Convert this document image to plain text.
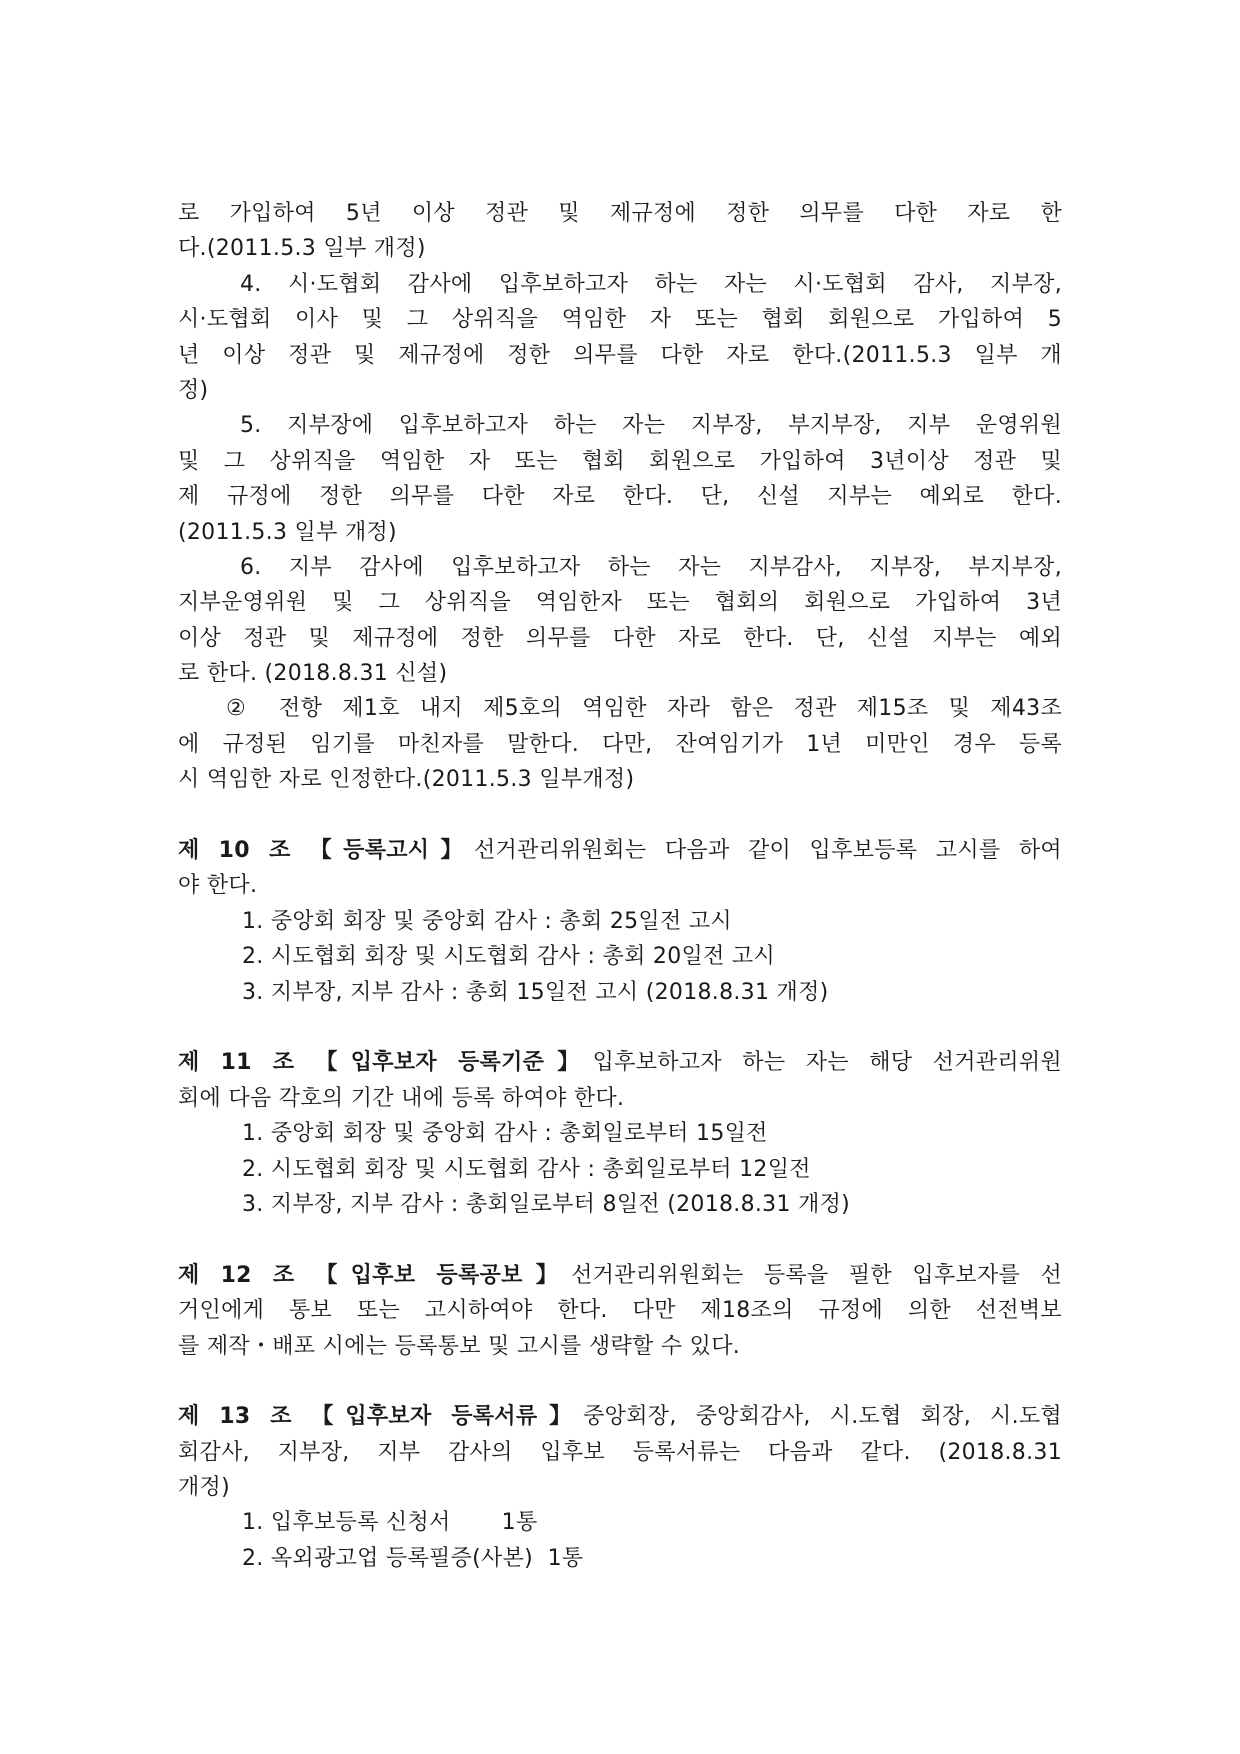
로 가입하여 5년 이상 정관 및 제규정에 정한 의무를 다한 자로 한
다.(2011.5.3 일부 개정)
4. 시·도협회 감사에 입후보하고자 하는 자는 시·도협회 감사, 지부장,
시·도협회 이사 및 그 상위직을 역임한 자 또는 협회 회원으로 가입하여 5
년 이상 정관 및 제규정에 정한 의무를 다한 자로 한다.(2011.5.3 일부 개
정)
5. 지부장에 입후보하고자 하는 자는 지부장, 부지부장, 지부 운영위원
및 그 상위직을 역임한 자 또는 협회 회원으로 가입하여 3년이상 정관 및
제 규정에 정한 의무를 다한 자로 한다. 단, 신설 지부는 예외로 한다.
(2011.5.3 일부 개정)
6. 지부 감사에 입후보하고자 하는 자는 지부감사, 지부장, 부지부장,
지부운영위원 및 그 상위직을 역임한자 또는 협회의 회원으로 가입하여 3년
이상 정관 및 제규정에 정한 의무를 다한 자로 한다. 단, 신설 지부는 예외
로 한다. (2018.8.31 신설)
② 전항 제1호 내지 제5호의 역임한 자라 함은 정관 제15조 및 제43조
에 규정된 임기를 마친자를 말한다. 다만, 잔여임기가 1년 미만인 경우 등록
시 역임한 자로 인정한다.(2011.5.3 일부개정)
제 10 조 【등록고시】선거관리위원회는 다음과 같이 입후보등록 고시를 하여
야 한다.
1. 중앙회 회장 및 중앙회 감사 : 총회 25일전 고시
2. 시도협회 회장 및 시도협회 감사 : 총회 20일전 고시
3. 지부장, 지부 감사 : 총회 15일전 고시 (2018.8.31 개정)
제 11 조 【입후보자 등록기준】입후보하고자 하는 자는 해당 선거관리위원
회에 다음 각호의 기간 내에 등록 하여야 한다.
1. 중앙회 회장 및 중앙회 감사 : 총회일로부터 15일전
2. 시도협회 회장 및 시도협회 감사 : 총회일로부터 12일전
3. 지부장, 지부 감사 : 총회일로부터 8일전 (2018.8.31 개정)
제 12 조 【입후보 등록공보】선거관리위원회는 등록을 필한 입후보자를 선
거인에게 통보 또는 고시하여야 한다. 다만 제18조의 규정에 의한 선전벽보
를 제작・배포 시에는 등록통보 및 고시를 생략할 수 있다.
제 13 조 【입후보자 등록서류】중앙회장, 중앙회감사, 시.도협 회장, 시.도협
회감사, 지부장, 지부 감사의 입후보 등록서류는 다음과 같다. (2018.8.31
개정)
1. 입후보등록 신청서       1통
2. 옥외광고업 등록필증(사본)  1통
